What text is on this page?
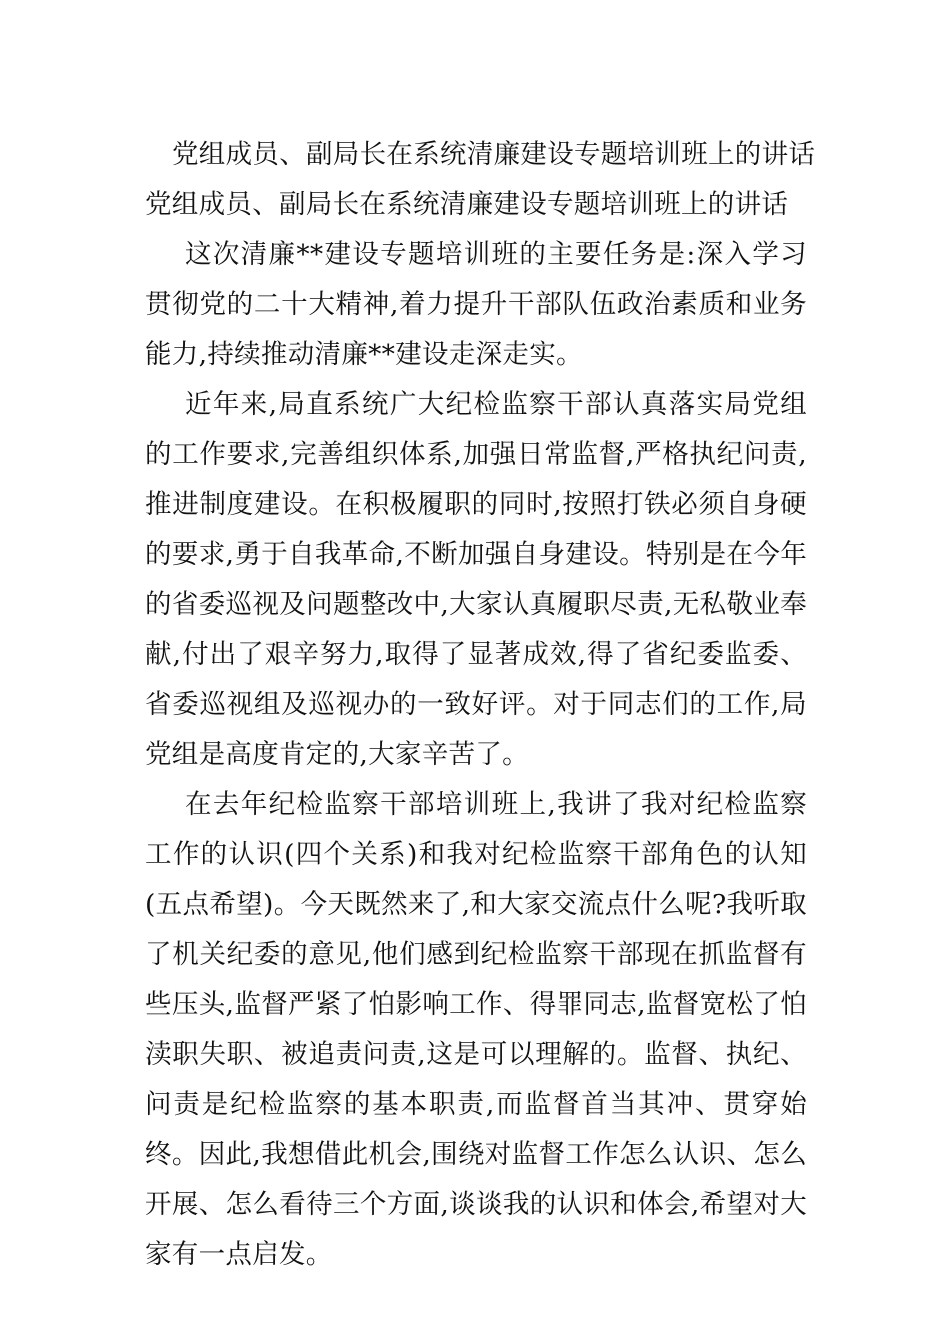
党组成员、副局长在系统清廉建设专题培训班上的讲话

党组成员、副局长在系统清廉建设专题培训班上的讲话

这次清廉**建设专题培训班的主要任务是:深入学习贯彻党的二十大精神,着力提升干部队伍政治素质和业务能力,持续推动清廉**建设走深走实。

近年来,局直系统广大纪检监察干部认真落实局党组的工作要求,完善组织体系,加强日常监督,严格执纪问责,推进制度建设。在积极履职的同时,按照打铁必须自身硬的要求,勇于自我革命,不断加强自身建设。特别是在今年的省委巡视及问题整改中,大家认真履职尽责,无私敬业奉献,付出了艰辛努力,取得了显著成效,得了省纪委监委、省委巡视组及巡视办的一致好评。对于同志们的工作,局党组是高度肯定的,大家辛苦了。

在去年纪检监察干部培训班上,我讲了我对纪检监察工作的认识(四个关系)和我对纪检监察干部角色的认知(五点希望)。今天既然来了,和大家交流点什么呢?我听取了机关纪委的意见,他们感到纪检监察干部现在抓监督有些压头,监督严紧了怕影响工作、得罪同志,监督宽松了怕渎职失职、被追责问责,这是可以理解的。监督、执纪、问责是纪检监察的基本职责,而监督首当其冲、贯穿始终。因此,我想借此机会,围绕对监督工作怎么认识、怎么开展、怎么看待三个方面,谈谈我的认识和体会,希望对大家有一点启发。
